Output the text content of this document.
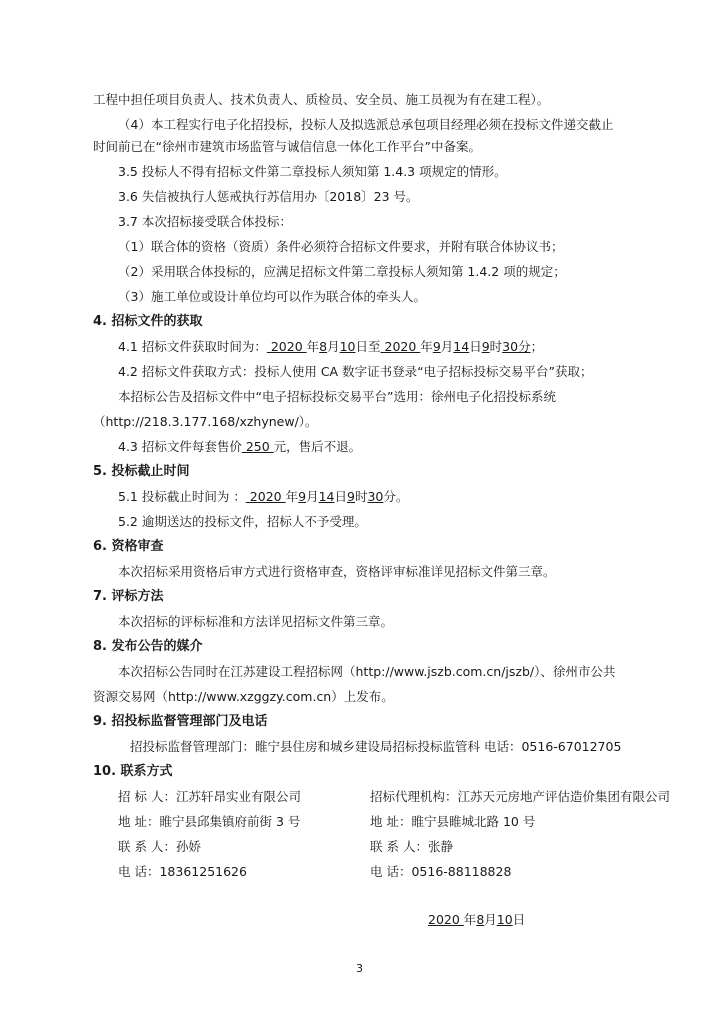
工程中担任项目负责人、技术负责人、质检员、安全员、施工员视为有在建工程）。
（4）本工程实行电子化招投标，投标人及拟选派总承包项目经理必须在投标文件递交截止
时间前已在“徐州市建筑市场监管与诚信信息一体化工作平台”中备案。
3.5 投标人不得有招标文件第二章投标人须知第 1.4.3 项规定的情形。
3.6 失信被执行人惩戒执行苏信用办〔2018〕23 号。
3.7 本次招标接受联合体投标：
（1）联合体的资格（资质）条件必须符合招标文件要求，并附有联合体协议书；
（2）采用联合体投标的，应满足招标文件第二章投标人须知第 1.4.2 项的规定；
（3）施工单位或设计单位均可以作为联合体的牵头人。
4. 招标文件的获取
4.1 招标文件获取时间为： 2020 年8月10日至 2020 年9月14日9时30分；
4.2 招标文件获取方式：投标人使用 CA 数字证书登录“电子招标投标交易平台”获取；
本招标公告及招标文件中“电子招标投标交易平台”选用：徐州电子化招投标系统
（http://218.3.177.168/xzhynew/）。
4.3 招标文件每套售价 250 元，售后不退。
5. 投标截止时间
5.1 投标截止时间为 ： 2020 年9月14日9时30分。
5.2 逾期送达的投标文件，招标人不予受理。
6. 资格审查
本次招标采用资格后审方式进行资格审查，资格评审标准详见招标文件第三章。
7. 评标方法
本次招标的评标标准和方法详见招标文件第三章。
8. 发布公告的媒介
本次招标公告同时在江苏建设工程招标网（http://www.jszb.com.cn/jszb/）、徐州市公共
资源交易网（http://www.xzggzy.com.cn）上发布。
9. 招投标监督管理部门及电话
招投标监督管理部门：睢宁县住房和城乡建设局招标投标监管科 电话：0516-67012705
10. 联系方式
招 标 人：江苏轩昂实业有限公司
地 址：睢宁县邱集镇府前街 3 号
联 系 人：孙娇
电 话：18361251626
招标代理机构：江苏天元房地产评估造价集团有限公司
地 址：睢宁县睢城北路 10 号
联 系 人：张静
电 话：0516-88118828
2020 年8月10日
3
